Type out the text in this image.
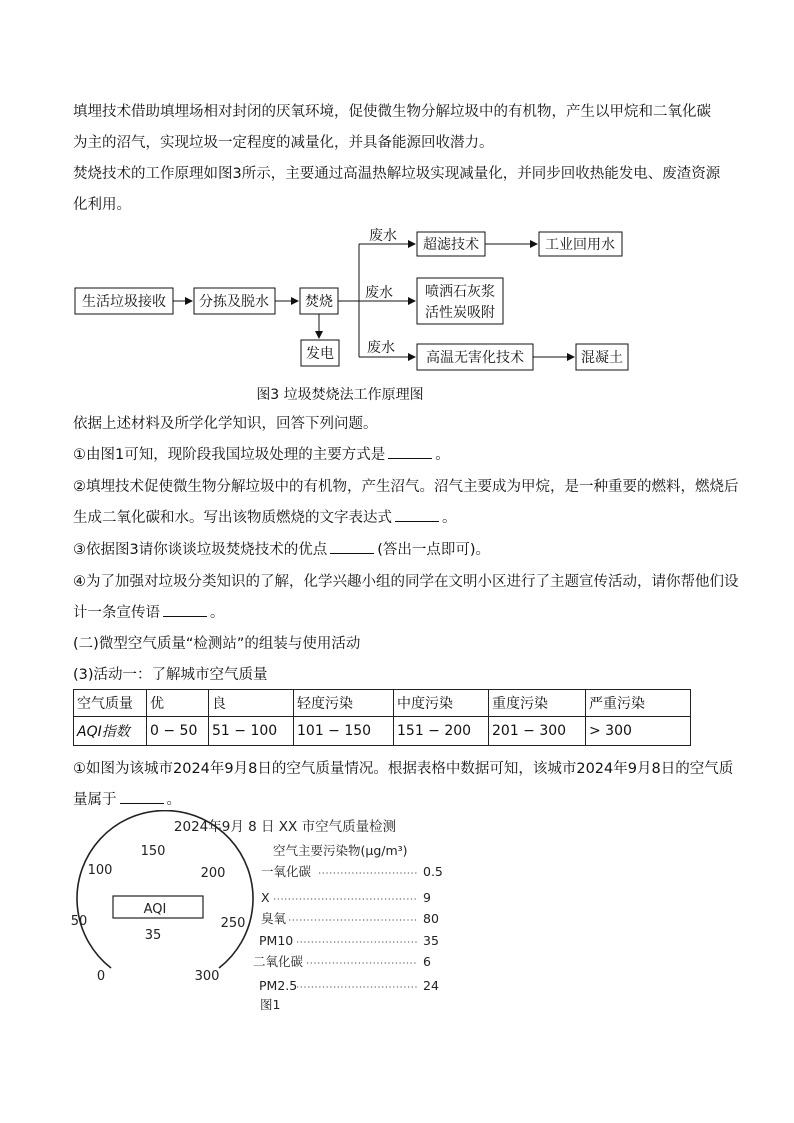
填埋技术借助填埋场相对封闭的厌氧环境，促使微生物分解垃圾中的有机物，产生以甲烷和二氧化碳为主的沼气，实现垃圾一定程度的减量化，并具备能源回收潜力。
焚烧技术的工作原理如图3所示，主要通过高温热解垃圾实现减量化，并同步回收热能发电、废渣资源化利用。
生活垃圾接收 分拣及脱水	焚烧
发电
超滤技术	工业回用水
喷洒石灰浆
活性炭吸附
高温无害化技术	混凝土
废水
废水
废水
图3 垃圾焚烧法工作原理图
依据上述材料及所学化学知识，回答下列问题。
①由图1可知，现阶段我国垃圾处理的主要方式是	。
②填埋技术促使微生物分解垃圾中的有机物，产生沼气。沼气主要成为甲烷，是一种重要的燃料，燃烧后
生成二氧化碳和水。写出该物质燃烧的文字表达式	。
③依据图3请你谈谈垃圾焚烧技术的优点	(答出一点即可)。
④为了加强对垃圾分类知识的了解，化学兴趣小组的同学在文明小区进行了主题宣传活动，请你帮他们设
计一条宣传语	。
(二)微型空气质量“检测站”的组装与使用活动
(3)活动一：了解城市空气质量
空气质量	优	良	轻度污染	中度污染	重度污染	严重污染
AQI指数	0 − 50	51 − 100	101 − 150	151 − 200	201 − 300	> 300
①如图为该城市2024年9月8日的空气质量情况。根据表格中数据可知，该城市2024年9月8日的空气质
量属于	。
2024年9月 8 日 XX 市空气质量检测
AQI
35
0
50
100
150
200
250
300
空气主要污染物(μg/m³)
一氧化碳	0.5
X	9
臭氧	80
PM10	35
二氧化碳	6
PM2.5	24
图1
